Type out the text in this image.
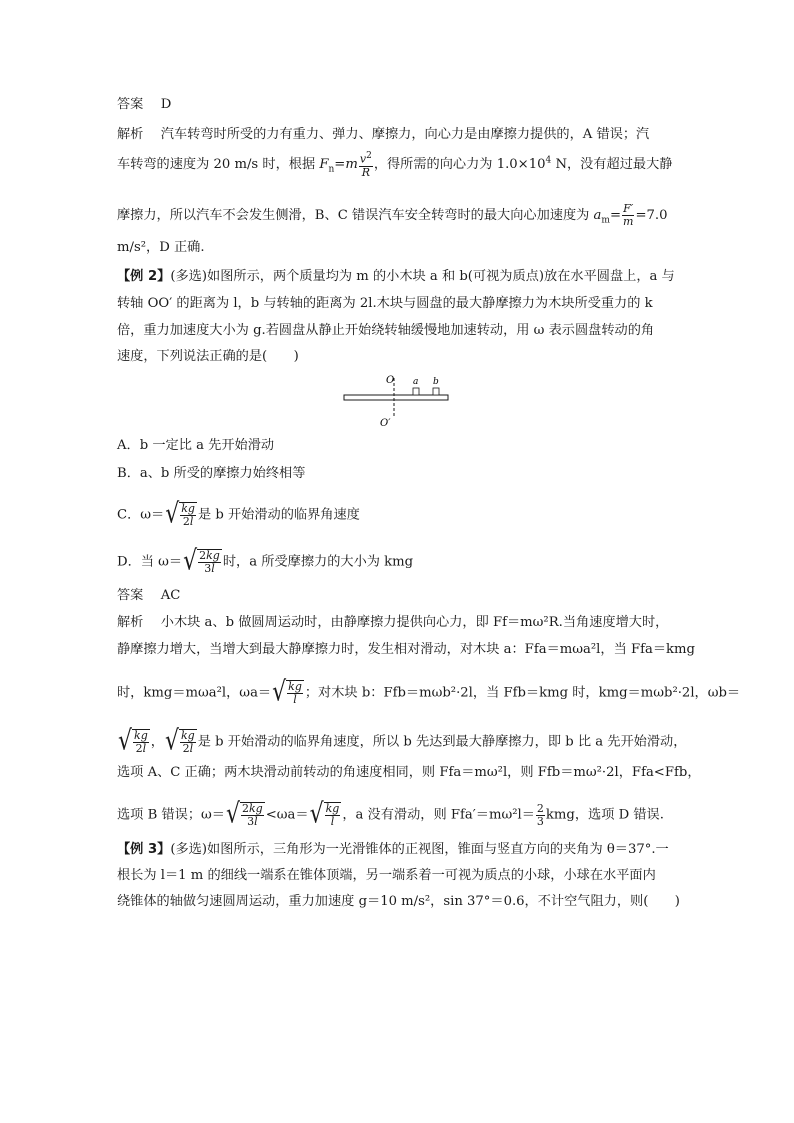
答案　 D
解析　 汽车转弯时所受的力有重力、弹力、摩擦力，向心力是由摩擦力提供的，A 错误；汽
车转弯的速度为 20 m/s 时，根据 $F_n=m \frac{v^2}{R}$ ，得所需的向心力为 $1.0\times 10^4$ N，没有超过最大静
摩擦力，所以汽车不会发生侧滑，B、C 错误汽车安全转弯时的最大向心加速度为 $a_m= \frac{F'}{m} =7.0$
m/s²，D 正确.
【例 2】(多选)如图所示，两个质量均为 m 的小木块 a 和 b(可视为质点)放在水平圆盘上，a 与
转轴 OO′ 的距离为 l，b 与转轴的距离为 2l.木块与圆盘的最大静摩擦力为木块所受重力的 k
倍，重力加速度大小为 g.若圆盘从静止开始绕转轴缓慢地加速转动，用 ω 表示圆盘转动的角
速度，下列说法正确的是(　　)
O a b
O′
A．b 一定比 a 先开始滑动
B．a、b 所受的摩擦力始终相等
C．$\omega=√ \frac{kg}{2l}$ 是 b 开始滑动的临界角速度
D．当 $\omega=√ \frac{2kg}{3l}$ 时，a 所受摩擦力的大小为 kmg
答案　 AC
解析　 小木块 a、b 做圆周运动时，由静摩擦力提供向心力，即 Ff＝mω²R.当角速度增大时，
静摩擦力增大，当增大到最大静摩擦力时，发生相对滑动，对木块 a：Ffa＝mωa²l，当 Ffa＝kmg
时，kmg＝mωa²l，$\omega a=√ \frac{kg}{l}$ ；对木块 b：Ffb＝mωb²·2l，当 Ffb＝kmg 时，kmg＝mωb²·2l，ωb＝
√ $\frac{kg}{2l}$ ，√ $\frac{kg}{2l}$ 是 b 开始滑动的临界角速度，所以 b 先达到最大静摩擦力，即 b 比 a 先开始滑动，
选项 A、C 正确；两木块滑动前转动的角速度相同，则 Ffa＝mω²l，则 Ffb＝mω²·2l，Ffa<Ffb，
选项 B 错误；$\omega=√ \frac{2kg}{3l} <\omega a=√ \frac{kg}{l}$ ，a 没有滑动，则 $Ffa'=m\omega^2l= \frac{2}{3}$ kmg，选项 D 错误.
【例 3】(多选)如图所示，三角形为一光滑锥体的正视图，锥面与竖直方向的夹角为 θ＝37°.一
根长为 l＝1 m 的细线一端系在锥体顶端，另一端系着一可视为质点的小球，小球在水平面内
绕锥体的轴做匀速圆周运动，重力加速度 g＝10 m/s²，sin 37°＝0.6，不计空气阻力，则(　　)
